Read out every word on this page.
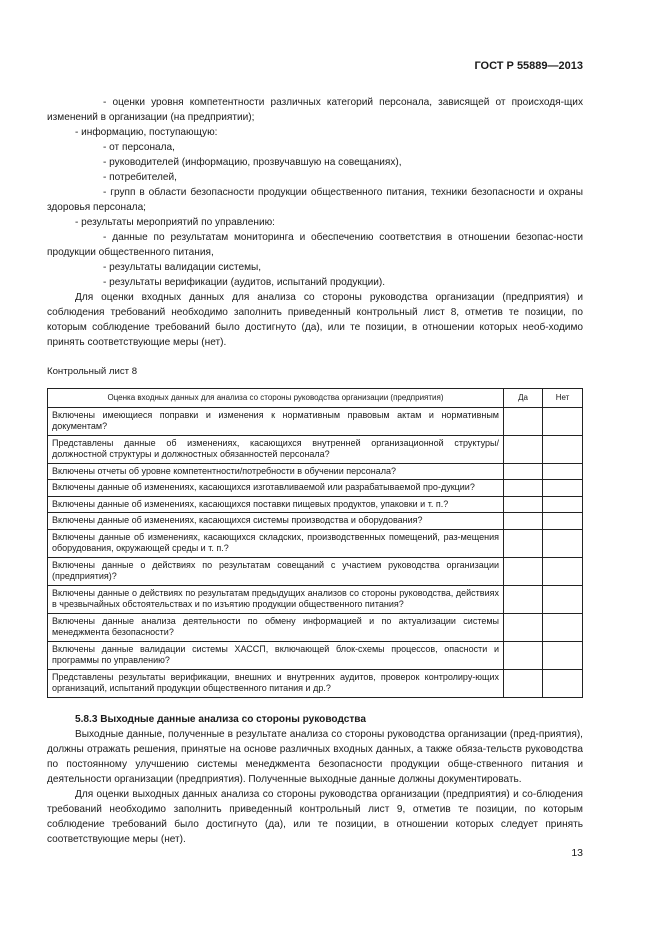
ГОСТ Р 55889—2013

- оценки уровня компетентности различных категорий персонала, зависящей от происходя-щих изменений в организации (на предприятии);

- информацию, поступающую:

- от персонала,

- руководителей (информацию, прозвучавшую на совещаниях),

- потребителей,

- групп в области безопасности продукции общественного питания, техники безопасности и охраны здоровья персонала;

- результаты мероприятий по управлению:

- данные по результатам мониторинга и обеспечению соответствия в отношении безопас-ности продукции общественного питания,

- результаты валидации системы,

- результаты верификации (аудитов, испытаний продукции).

Для оценки входных данных для анализа со стороны руководства организации (предприятия) и соблюдения требований необходимо заполнить приведенный контрольный лист 8, отметив те позиции, по которым соблюдение требований было достигнуто (да), или те позиции, в отношении которых необ-ходимо принять соответствующие меры (нет).

Контрольный лист 8

Оценка входных данных для анализа со стороны руководства организации (предприятия)	Да	Нет
Включены имеющиеся поправки и изменения к нормативным правовым актам и нормативным документам?		
Представлены данные об изменениях, касающихся внутренней организационной структуры/ должностной структуры и должностных обязанностей персонала?		
Включены отчеты об уровне компетентности/потребности в обучении персонала?		
Включены данные об изменениях, касающихся изготавливаемой или разрабатываемой про-дукции?		
Включены данные об изменениях, касающихся поставки пищевых продуктов, упаковки и т. п.?		
Включены данные об изменениях, касающихся системы производства и оборудования?		
Включены данные об изменениях, касающихся складских, производственных помещений, раз-мещения оборудования, окружающей среды и т. п.?		
Включены данные о действиях по результатам совещаний с участием руководства организации (предприятия)?		
Включены данные о действиях по результатам предыдущих анализов со стороны руководства, действиях в чрезвычайных обстоятельствах и по изъятию продукции общественного питания?		
Включены данные анализа деятельности по обмену информацией и по актуализации системы менеджмента безопасности?		
Включены данные валидации системы ХАССП, включающей блок-схемы процессов, опасности и программы по управлению?		
Представлены результаты верификации, внешних и внутренних аудитов, проверок контролиру-ющих организаций, испытаний продукции общественного питания и др.?		

5.8.3 Выходные данные анализа со стороны руководства

Выходные данные, полученные в результате анализа со стороны руководства организации (пред-приятия), должны отражать решения, принятые на основе различных входных данных, а также обяза-тельств руководства по постоянному улучшению системы менеджмента безопасности продукции обще-ственного питания и деятельности организации (предприятия). Полученные выходные данные должны документировать.

Для оценки выходных данных анализа со стороны руководства организации (предприятия) и со-блюдения требований необходимо заполнить приведенный контрольный лист 9, отметив те позиции, по которым соблюдение требований было достигнуто (да), или те позиции, в отношении которых следует принять соответствующие меры (нет).

13
